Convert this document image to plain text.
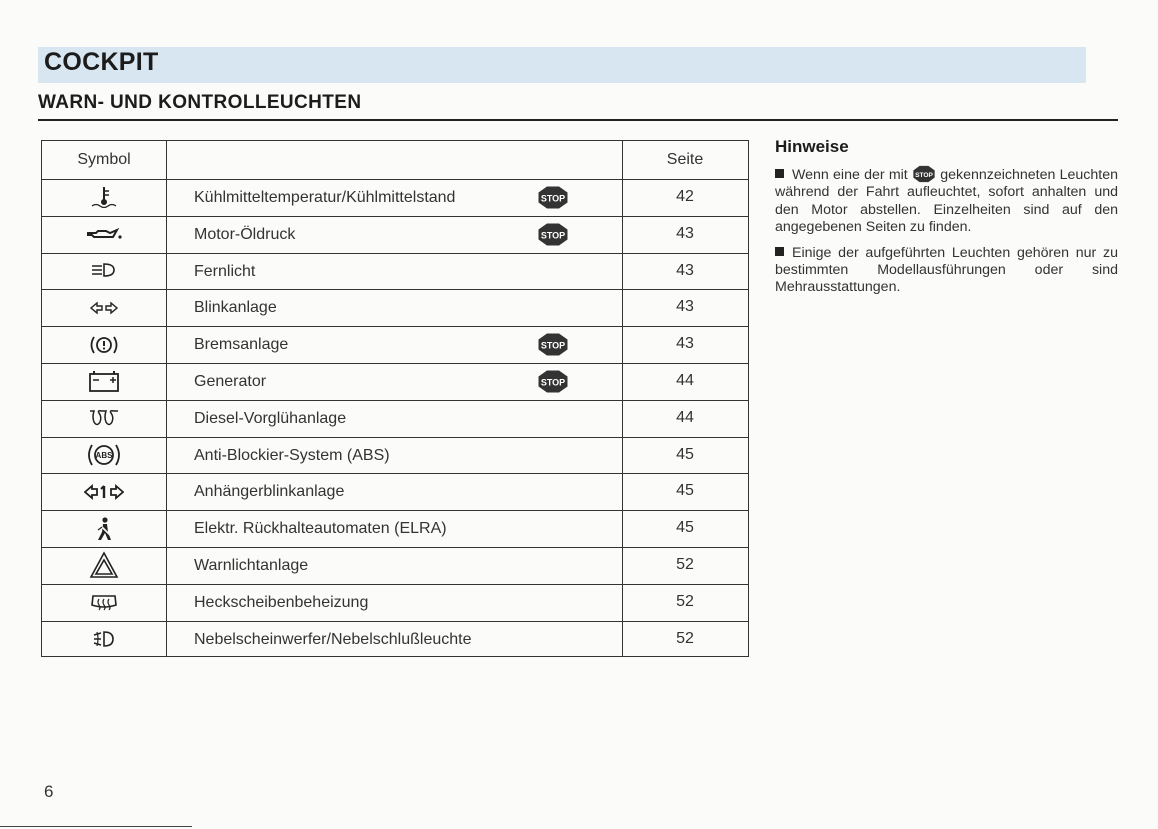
COCKPIT
WARN- UND KONTROLLEUCHTEN
Symbol	Seite
Kühlmitteltemperatur/Kühlmittelstand	STOP	42
Motor-Öldruck	STOP	43
Fernlicht	43
Blinkanlage	43
Bremsanlage	STOP	43
Generator	STOP	44
Diesel-Vorglühanlage	44
ABS	Anti-Blockier-System (ABS)	45
Anhängerblinkanlage	45
Elektr. Rückhalteautomaten (ELRA)	45
Warnlichtanlage	52
Heckscheibenbeheizung	52
Nebelscheinwerfer/Nebelschlußleuchte	52

Hinweise

Wenn eine der mit STOP gekennzeichneten Leuchten während der Fahrt aufleuchtet, sofort anhalten und den Motor abstellen. Einzelheiten sind auf den angegebenen Seiten zu finden.

Einige der aufgeführten Leuchten gehören nur zu bestimmten Modellausführungen oder sind Mehrausstattungen.

6
